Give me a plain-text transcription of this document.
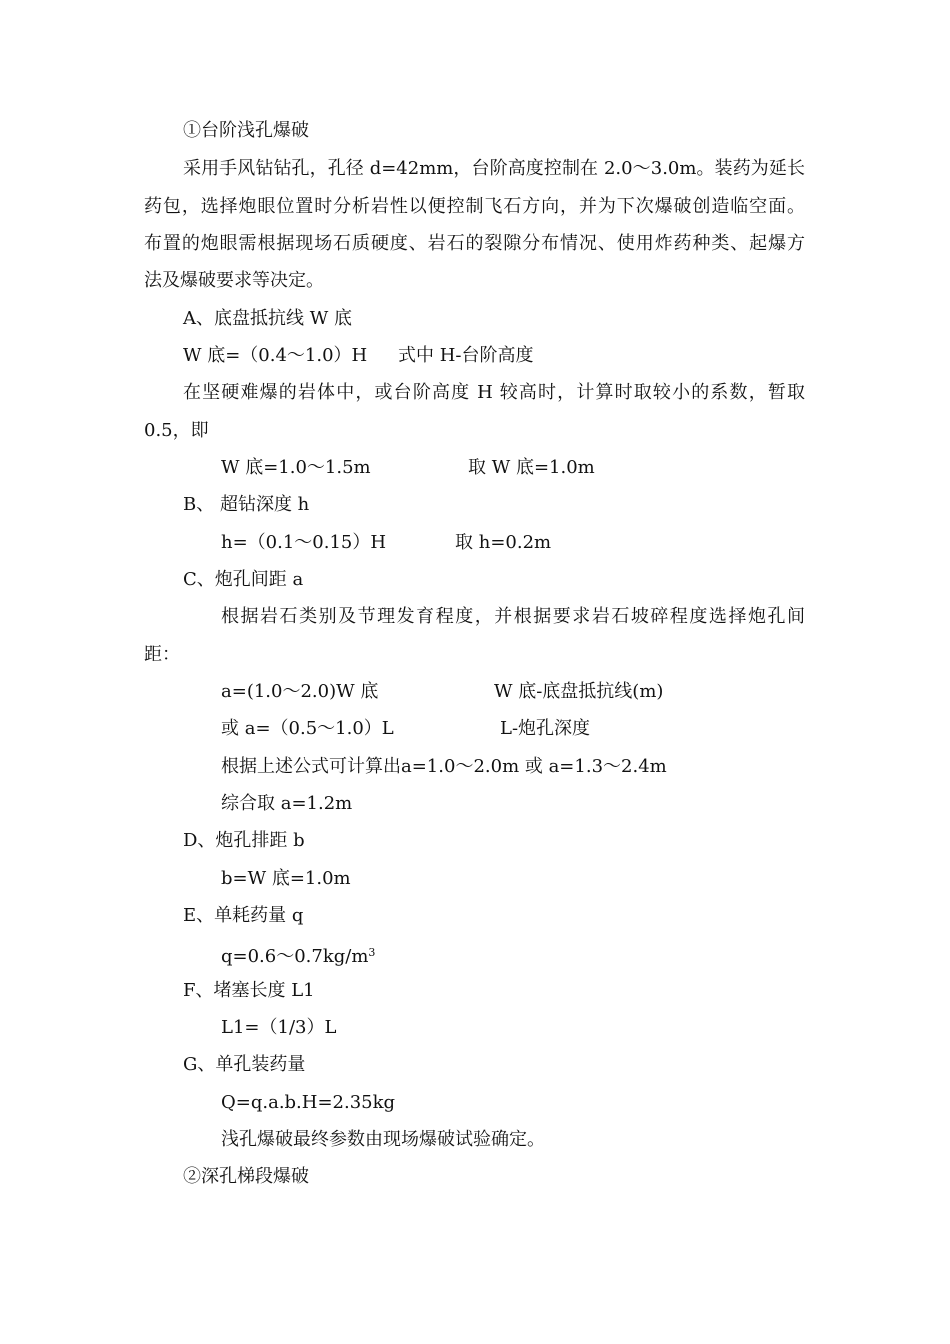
①台阶浅孔爆破

采用手风钻钻孔，孔径 d=42mm，台阶高度控制在 2.0～3.0m。装药为延长

药包，选择炮眼位置时分析岩性以便控制飞石方向，并为下次爆破创造临空面。

布置的炮眼需根据现场石质硬度、岩石的裂隙分布情况、使用炸药种类、起爆方

法及爆破要求等决定。

A、底盘抵抗线 W 底

W 底=（0.4～1.0）H 式中 H-台阶高度

在坚硬难爆的岩体中，或台阶高度 H 较高时，计算时取较小的系数，暂取

0.5，即

W 底=1.0～1.5m	取 W 底=1.0m

B、 超钻深度 h

h=（0.1～0.15）H	取 h=0.2m

C、炮孔间距 a

根据岩石类别及节理发育程度，并根据要求岩石坡碎程度选择炮孔间

距：

a=(1.0～2.0)W 底	W 底-底盘抵抗线(m)

或 a=（0.5～1.0）L	L-炮孔深度

根据上述公式可计算出a=1.0～2.0m 或 a=1.3～2.4m

综合取 a=1.2m

D、炮孔排距 b

b=W 底=1.0m

E、单耗药量 q

$q=0.6\sim 0.7kg/m^3$

F、堵塞长度 L1

L1=（1/3）L

G、单孔装药量

Q=q.a.b.H=2.35kg

浅孔爆破最终参数由现场爆破试验确定。

②深孔梯段爆破
